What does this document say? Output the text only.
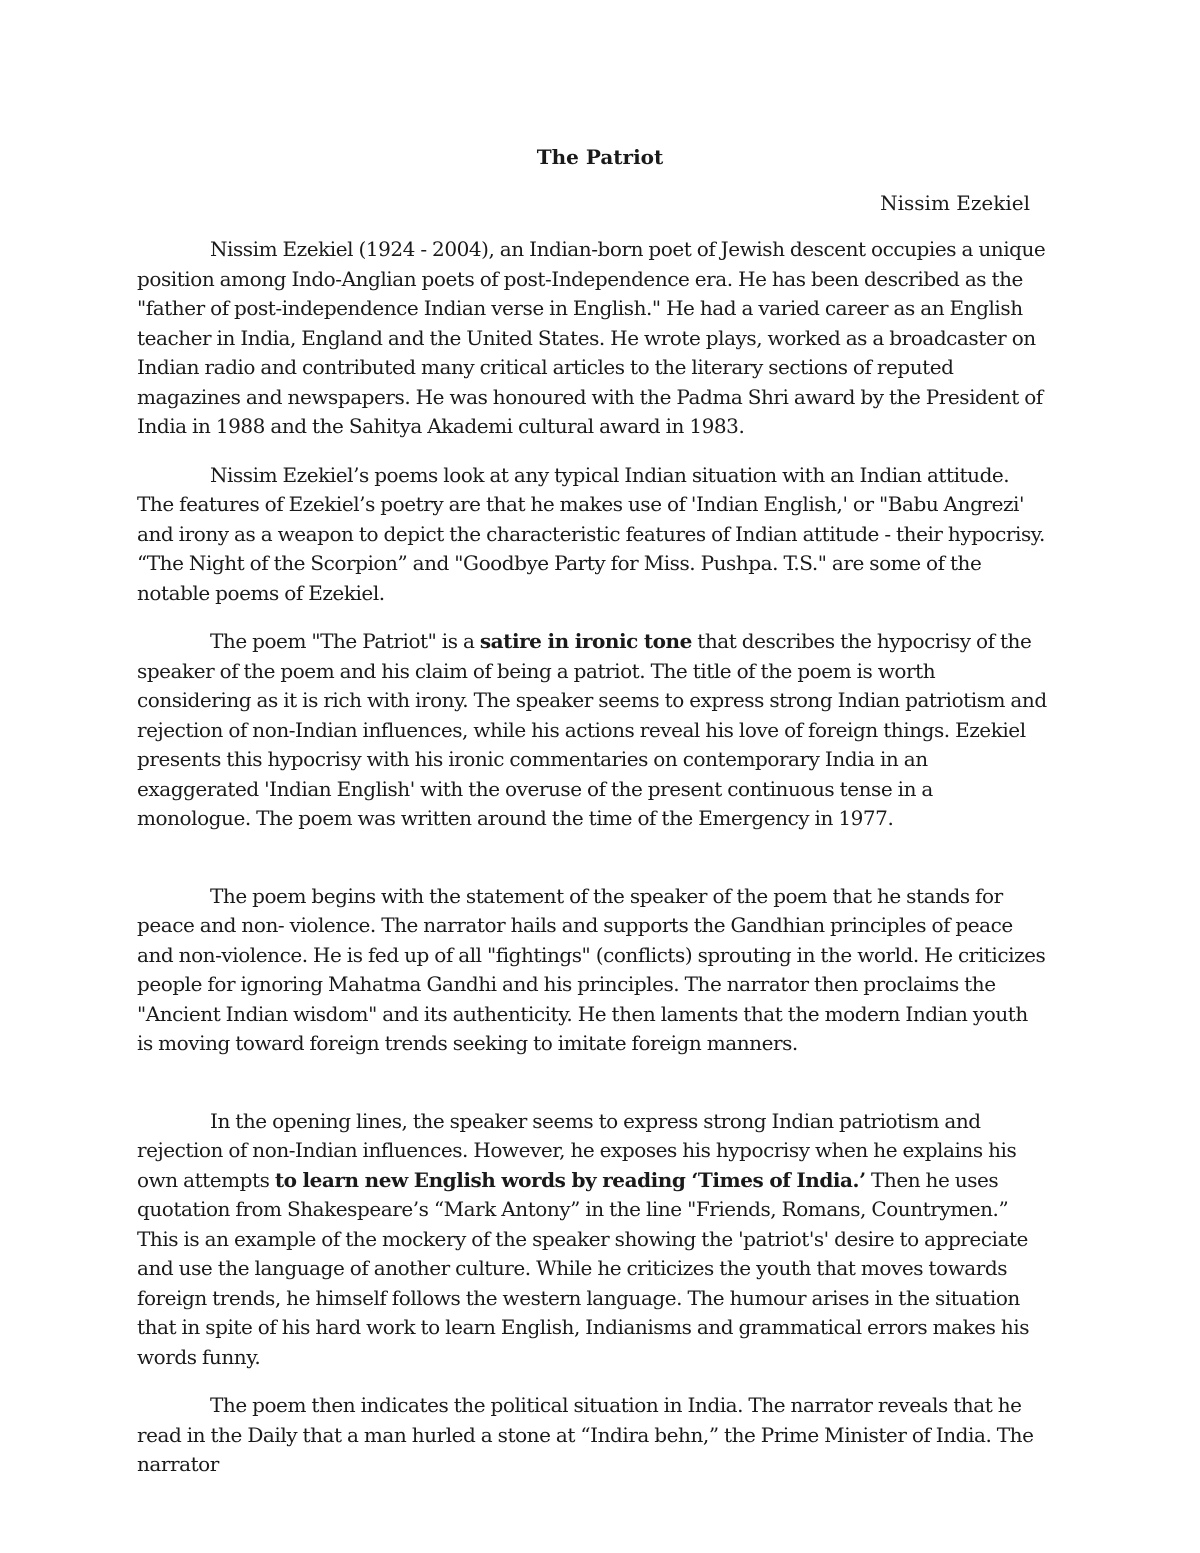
The Patriot
Nissim Ezekiel

Nissim Ezekiel (1924 - 2004), an Indian-born poet of Jewish descent occupies a unique position among Indo-Anglian poets of post-Independence era. He has been described as the "father of post-independence Indian verse in English." He had a varied career as an English teacher in India, England and the United States. He wrote plays, worked as a broadcaster on Indian radio and contributed many critical articles to the literary sections of reputed magazines and newspapers. He was honoured with the Padma Shri award by the President of India in 1988 and the Sahitya Akademi cultural award in 1983.

Nissim Ezekiel’s poems look at any typical Indian situation with an Indian attitude. The features of Ezekiel’s poetry are that he makes use of 'Indian English,' or "Babu Angrezi' and irony as a weapon to depict the characteristic features of Indian attitude - their hypocrisy. “The Night of the Scorpion” and "Goodbye Party for Miss. Pushpa. T.S." are some of the notable poems of Ezekiel.

The poem "The Patriot" is a satire in ironic tone that describes the hypocrisy of the speaker of the poem and his claim of being a patriot. The title of the poem is worth considering as it is rich with irony. The speaker seems to express strong Indian patriotism and rejection of non-Indian influences, while his actions reveal his love of foreign things. Ezekiel presents this hypocrisy with his ironic commentaries on contemporary India in an exaggerated 'Indian English' with the overuse of the present continuous tense in a monologue. The poem was written around the time of the Emergency in 1977.

The poem begins with the statement of the speaker of the poem that he stands for peace and non- violence. The narrator hails and supports the Gandhian principles of peace and non-violence. He is fed up of all "fightings" (conflicts) sprouting in the world. He criticizes people for ignoring Mahatma Gandhi and his principles. The narrator then proclaims the "Ancient Indian wisdom" and its authenticity. He then laments that the modern Indian youth is moving toward foreign trends seeking to imitate foreign manners.

In the opening lines, the speaker seems to express strong Indian patriotism and rejection of non-Indian influences. However, he exposes his hypocrisy when he explains his own attempts to learn new English words by reading ‘Times of India.’ Then he uses quotation from Shakespeare’s “Mark Antony” in the line "Friends, Romans, Countrymen.” This is an example of the mockery of the speaker showing the 'patriot's' desire to appreciate and use the language of another culture. While he criticizes the youth that moves towards foreign trends, he himself follows the western language. The humour arises in the situation that in spite of his hard work to learn English, Indianisms and grammatical errors makes his words funny.

The poem then indicates the political situation in India. The narrator reveals that he read in the Daily that a man hurled a stone at “Indira behn,” the Prime Minister of India. The narrator
